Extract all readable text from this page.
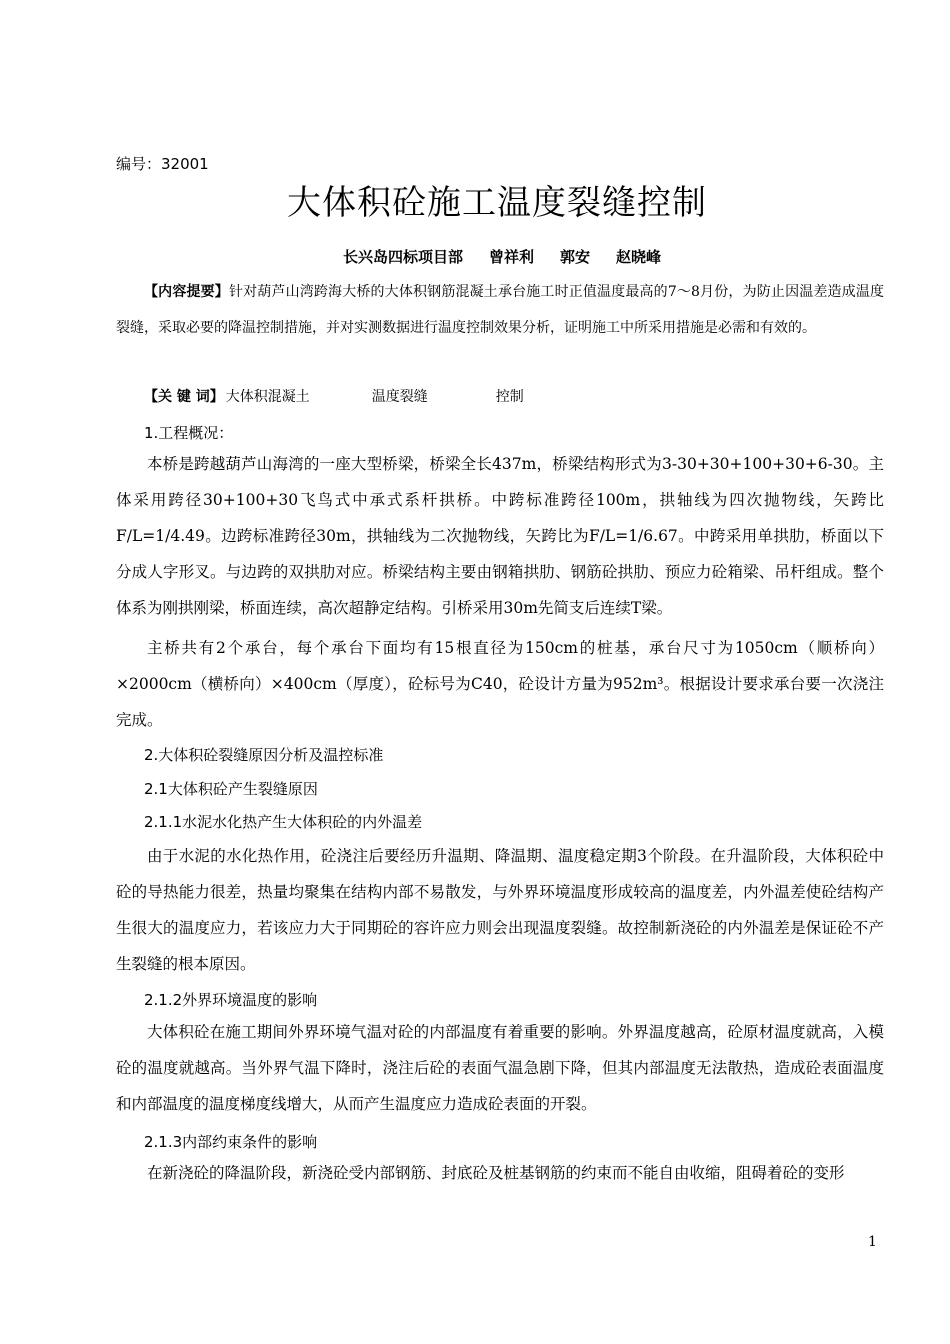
编号：32001
大体积砼施工温度裂缝控制
长兴岛四标项目部 曾祥利 郭安 赵晓峰

【内容提要】针对葫芦山湾跨海大桥的大体积钢筋混凝土承台施工时正值温度最高的7～8月份，为防止因温差造成温度裂缝，采取必要的降温控制措施，并对实测数据进行温度控制效果分析，证明施工中所采用措施是必需和有效的。

【关 键 词】 大体积混凝土	温度裂缝	控制
1.工程概况：

本桥是跨越葫芦山海湾的一座大型桥梁，桥梁全长437m，桥梁结构形式为3-30+30+100+30+6-30。主体采用跨径30+100+30飞鸟式中承式系杆拱桥。中跨标准跨径100m，拱轴线为四次抛物线，矢跨比F/L=1/4.49。边跨标准跨径30m，拱轴线为二次抛物线，矢跨比为F/L=1/6.67。中跨采用单拱肋，桥面以下分成人字形叉。与边跨的双拱肋对应。桥梁结构主要由钢箱拱肋、钢筋砼拱肋、预应力砼箱梁、吊杆组成。整个体系为刚拱刚梁，桥面连续，高次超静定结构。引桥采用30m先简支后连续T梁。

主桥共有2个承台，每个承台下面均有15根直径为150cm的桩基，承台尺寸为1050cm（顺桥向）×2000cm（横桥向）×400cm（厚度），砼标号为C40，砼设计方量为952m³。根据设计要求承台要一次浇注完成。

2.大体积砼裂缝原因分析及温控标准
2.1大体积砼产生裂缝原因
2.1.1水泥水化热产生大体积砼的内外温差

由于水泥的水化热作用，砼浇注后要经历升温期、降温期、温度稳定期3个阶段。在升温阶段，大体积砼中砼的导热能力很差，热量均聚集在结构内部不易散发，与外界环境温度形成较高的温度差，内外温差使砼结构产生很大的温度应力，若该应力大于同期砼的容许应力则会出现温度裂缝。故控制新浇砼的内外温差是保证砼不产生裂缝的根本原因。

2.1.2外界环境温度的影响

大体积砼在施工期间外界环境气温对砼的内部温度有着重要的影响。外界温度越高，砼原材温度就高，入模砼的温度就越高。当外界气温下降时，浇注后砼的表面气温急剧下降，但其内部温度无法散热，造成砼表面温度和内部温度的温度梯度线增大，从而产生温度应力造成砼表面的开裂。

2.1.3内部约束条件的影响

在新浇砼的降温阶段，新浇砼受内部钢筋、封底砼及桩基钢筋的约束而不能自由收缩，阻碍着砼的变形

1
